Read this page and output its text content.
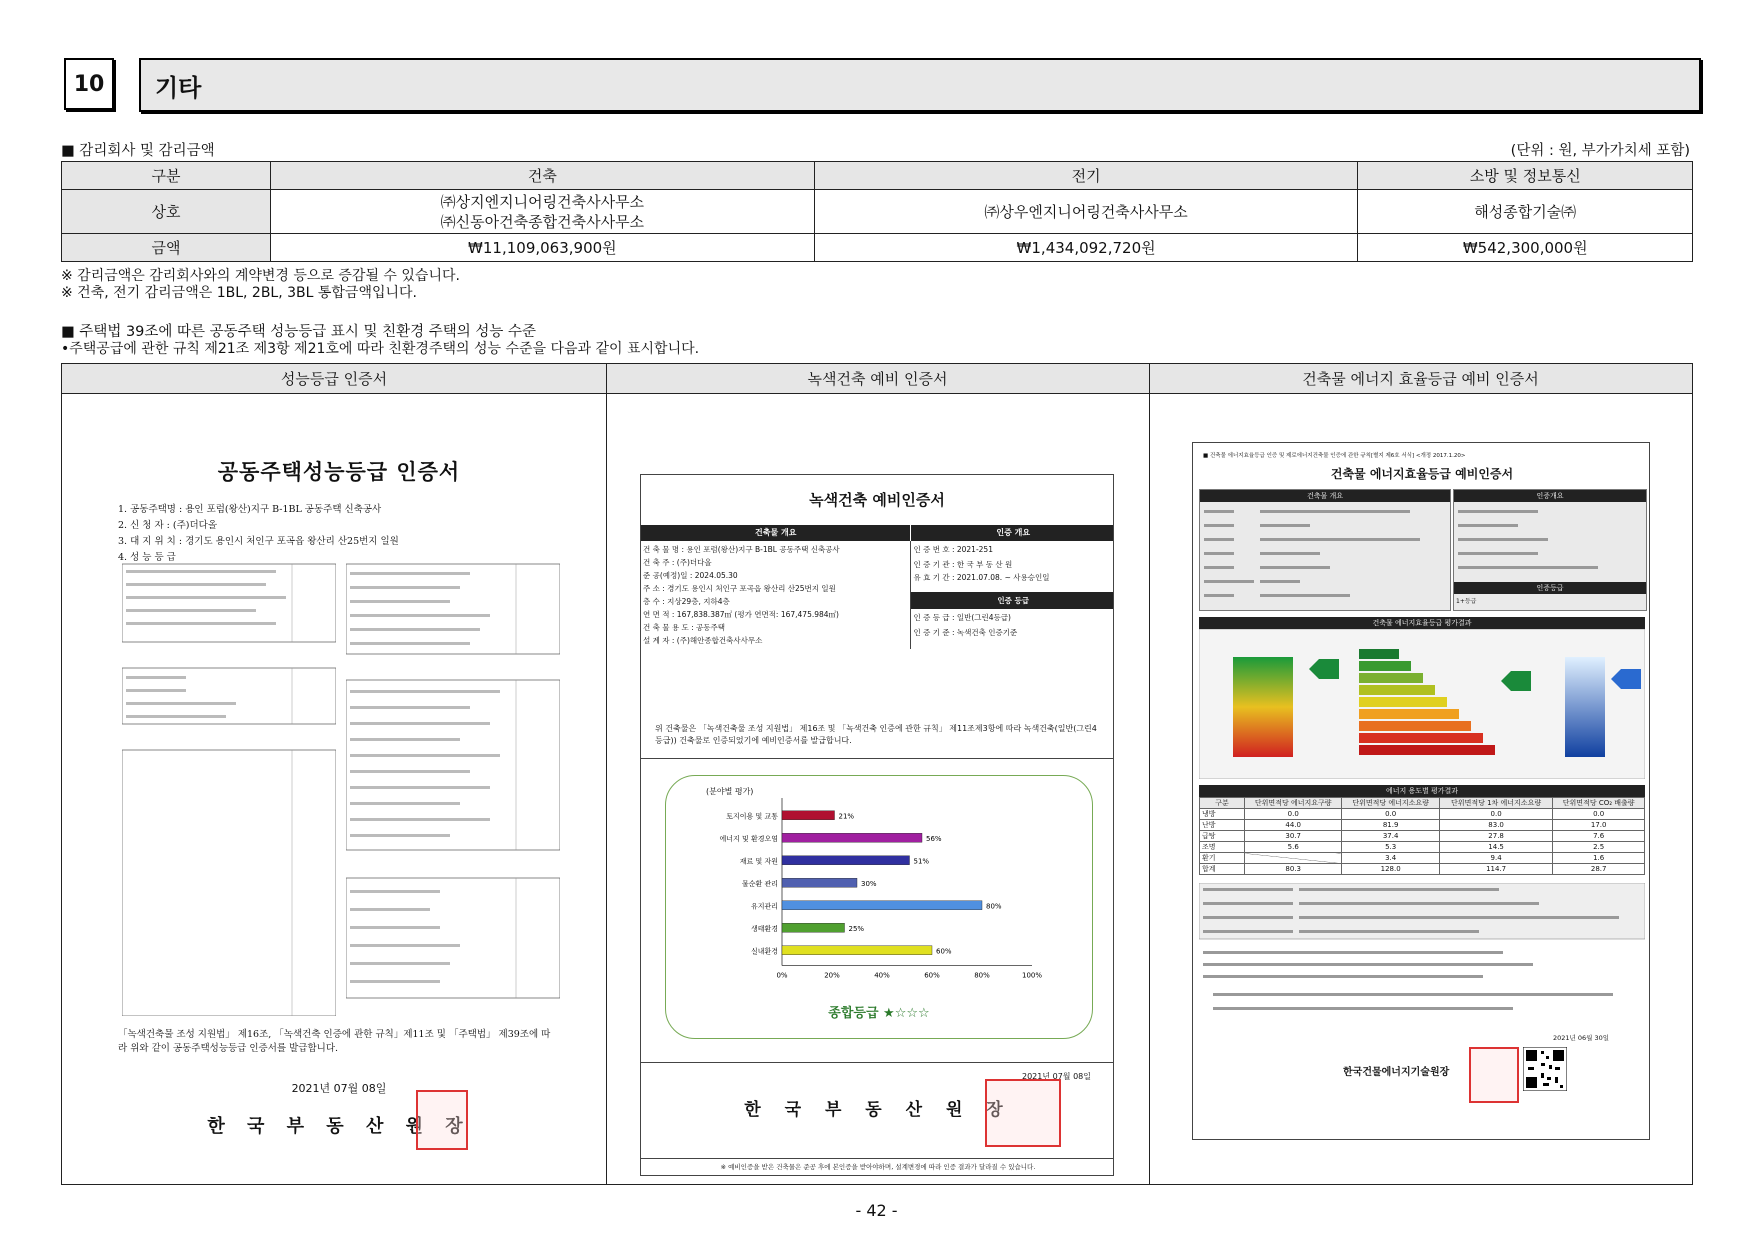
10	기타
■ 감리회사 및 감리금액	(단위 : 원, 부가가치세 포함)
구분	건축	전기	소방 및 정보통신
상호	㈜상지엔지니어링건축사사무소
㈜신동아건축종합건축사사무소	㈜상우엔지니어링건축사사무소	해성종합기술㈜
금액	₩11,109,063,900원	₩1,434,092,720원	₩542,300,000원
※ 감리금액은 감리회사와의 계약변경 등으로 증감될 수 있습니다.
※ 건축, 전기 감리금액은 1BL, 2BL, 3BL 통합금액입니다.
■ 주택법 39조에 따른 공동주택 성능등급 표시 및 친환경 주택의 성능 수준
•주택공급에 관한 규칙 제21조 제3항 제21호에 따라 친환경주택의 성능 수준을 다음과 같이 표시합니다.
성능등급 인증서	녹색건축 예비 인증서	건축물 에너지 효율등급 예비 인증서
공동주택성능등급 인증서
1. 공동주택명 : 용인 포럼(왕산)지구 B-1BL 공동주택 신축공사
2. 신 청 자 : (주)더다올
3. 대 지 위 치 : 경기도 용인시 처인구 포곡읍 왕산리 산25번지 일원
4. 성 능 등 급
「녹색건축물 조성 지원법」 제16조, 「녹색건축 인증에 관한 규칙」제11조 및 「주택법」 제39조에 따라 위와 같이 공동주택성능등급 인증서를 발급합니다.
2021년 07월 08일
한 국 부 동 산 원 장
녹색건축 예비인증서
건축물 개요	인증 개요
건 축 물 명 : 용인 포럼(왕산)지구 B-1BL 공동주택 신축공사
건 축 주 : (주)더다올
준 공(예정)일 : 2024.05.30
주 소 : 경기도 용인시 처인구 포곡읍 왕산리 산25번지 일원
층 수 : 지상29층, 지하4층
연 면 적 : 167,838.387㎡ (평가 연면적: 167,475.984㎡)
건 축 물 용 도 : 공동주택
설 계 자 : (주)해안종합건축사사무소
인 증 번 호 : 2021-251
인 증 기 관 : 한 국 부 동 산 원
유 효 기 간 : 2021.07.08. ~ 사용승인일
인증 등급
인 증 등 급 : 일반(그린4등급)
인 증 기 준 : 녹색건축 인증기준
위 건축물은 「녹색건축물 조성 지원법」 제16조 및 「녹색건축 인증에 관한 규칙」 제11조제3항에 따라 녹색건축(일반(그린4등급)) 건축물로 인증되었기에 예비인증서를 발급합니다.
(분야별 평가)
0%	20%	40%	60%	80%	100%
토지이용 및 교통	21%
에너지 및 환경오염	56%
재료 및 자원	51%
물순환 관리	30%
유지관리	80%
생태환경	25%
실내환경	60%
종합등급 ★☆☆☆
2021년 07월 08일
한 국 부 동 산 원 장
※ 예비인증을 받은 건축물은 준공 후에 본인증을 받아야하며, 설계변경에 따라 인증 결과가 달라질 수 있습니다.
■ 건축물 에너지효율등급 인증 및 제로에너지건축물 인증에 관한 규칙[별지 제6호 서식] <개정 2017.1.20>
건축물 에너지효율등급 예비인증서
건축물 개요	인증개요
인증등급
1+등급
건축물 에너지효율등급 평가결과
에너지 용도별 평가결과
구분	단위면적당 에너지요구량	단위면적당 에너지소요량	단위면적당 1차 에너지소요량	단위면적당 CO₂ 배출량
냉방	0.0	0.0	0.0	0.0
난방	44.0	81.9	83.0	17.0
급탕	30.7	37.4	27.8	7.6
조명	5.6	5.3	14.5	2.5
환기		3.4	9.4	1.6
합계	80.3	128.0	114.7	28.7
2021년 06월 30일
한국건물에너지기술원장
- 42 -
